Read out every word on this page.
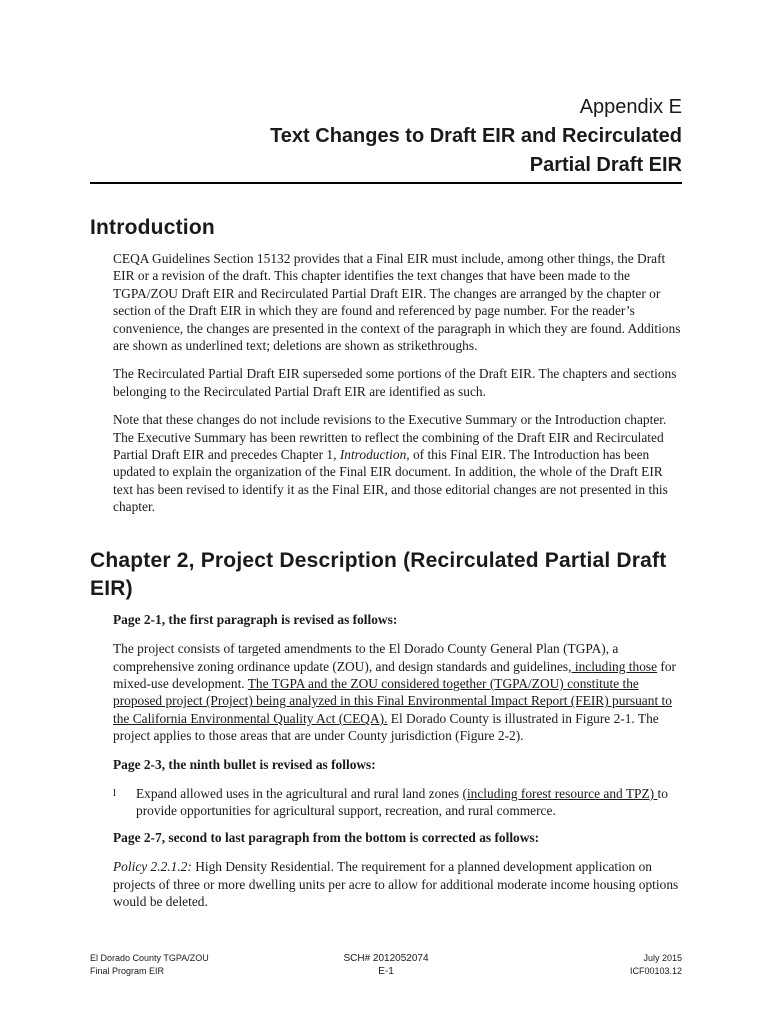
Appendix E
Text Changes to Draft EIR and Recirculated
Partial Draft EIR
Introduction

CEQA Guidelines Section 15132 provides that a Final EIR must include, among other things, the Draft EIR or a revision of the draft. This chapter identifies the text changes that have been made to the TGPA/ZOU Draft EIR and Recirculated Partial Draft EIR. The changes are arranged by the chapter or section of the Draft EIR in which they are found and referenced by page number. For the reader’s convenience, the changes are presented in the context of the paragraph in which they are found. Additions are shown as underlined text; deletions are shown as strikethroughs.

The Recirculated Partial Draft EIR superseded some portions of the Draft EIR. The chapters and sections belonging to the Recirculated Partial Draft EIR are identified as such.

Note that these changes do not include revisions to the Executive Summary or the Introduction chapter. The Executive Summary has been rewritten to reflect the combining of the Draft EIR and Recirculated Partial Draft EIR and precedes Chapter 1, Introduction, of this Final EIR. The Introduction has been updated to explain the organization of the Final EIR document. In addition, the whole of the Draft EIR text has been revised to identify it as the Final EIR, and those editorial changes are not presented in this chapter.

Chapter 2, Project Description (Recirculated Partial Draft EIR)

Page 2-1, the first paragraph is revised as follows:

The project consists of targeted amendments to the El Dorado County General Plan (TGPA), a comprehensive zoning ordinance update (ZOU), and design standards and guidelines, including those for mixed-use development. The TGPA and the ZOU considered together (TGPA/ZOU) constitute the proposed project (Project) being analyzed in this Final Environmental Impact Report (FEIR) pursuant to the California Environmental Quality Act (CEQA). El Dorado County is illustrated in Figure 2-1. The project applies to those areas that are under County jurisdiction (Figure 2-2).

Page 2-3, the ninth bullet is revised as follows:

l	Expand allowed uses in the agricultural and rural land zones (including forest resource and TPZ) to provide opportunities for agricultural support, recreation, and rural commerce.

Page 2-7, second to last paragraph from the bottom is corrected as follows:

Policy 2.2.1.2: High Density Residential. The requirement for a planned development application on projects of three or more dwelling units per acre to allow for additional moderate income housing options would be deleted.

El Dorado County TGPA/ZOU
Final Program EIR
SCH# 2012052074
E-1
July 2015
ICF00103.12
